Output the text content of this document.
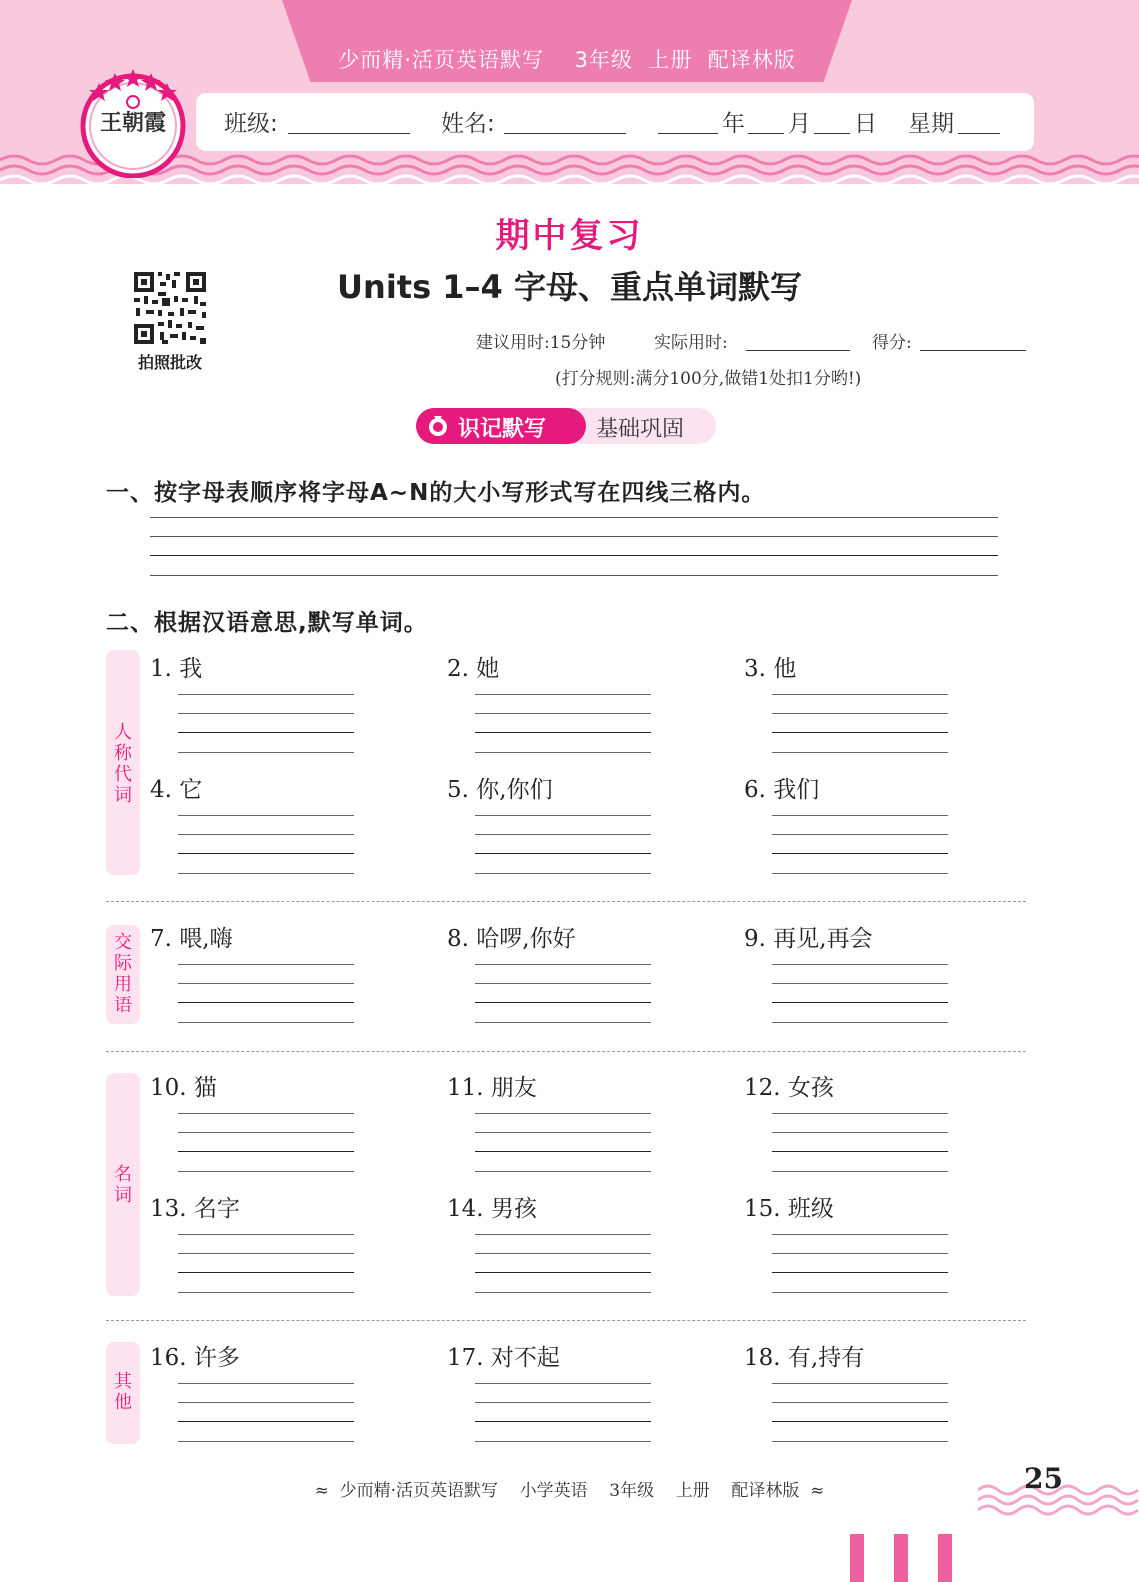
少而精·活页英语默写    3年级  上册  配译林版
王朝霞	班级:	姓名:	年 月 日 星期
期中复习
Units 1–4 字母、重点单词默写
拍照批改
建议用时:15分钟	实际用时:	得分:
(打分规则:满分100分,做错1处扣1分哟!)
识记默写 基础巩固
一、按字母表顺序将字母A~N的大小写形式写在四线三格内。
二、根据汉语意思,默写单词。
人称代词
交际用语
名词
其他
1. 我	2. 她	3. 他
4. 它	5. 你,你们	6. 我们
7. 喂,嗨	8. 哈啰,你好	9. 再见,再会
10. 猫	11. 朋友	12. 女孩
13. 名字	14. 男孩	15. 班级
16. 许多	17. 对不起	18. 有,持有
≈  少而精·活页英语默写    小学英语    3年级    上册    配译林版  ≈	25
